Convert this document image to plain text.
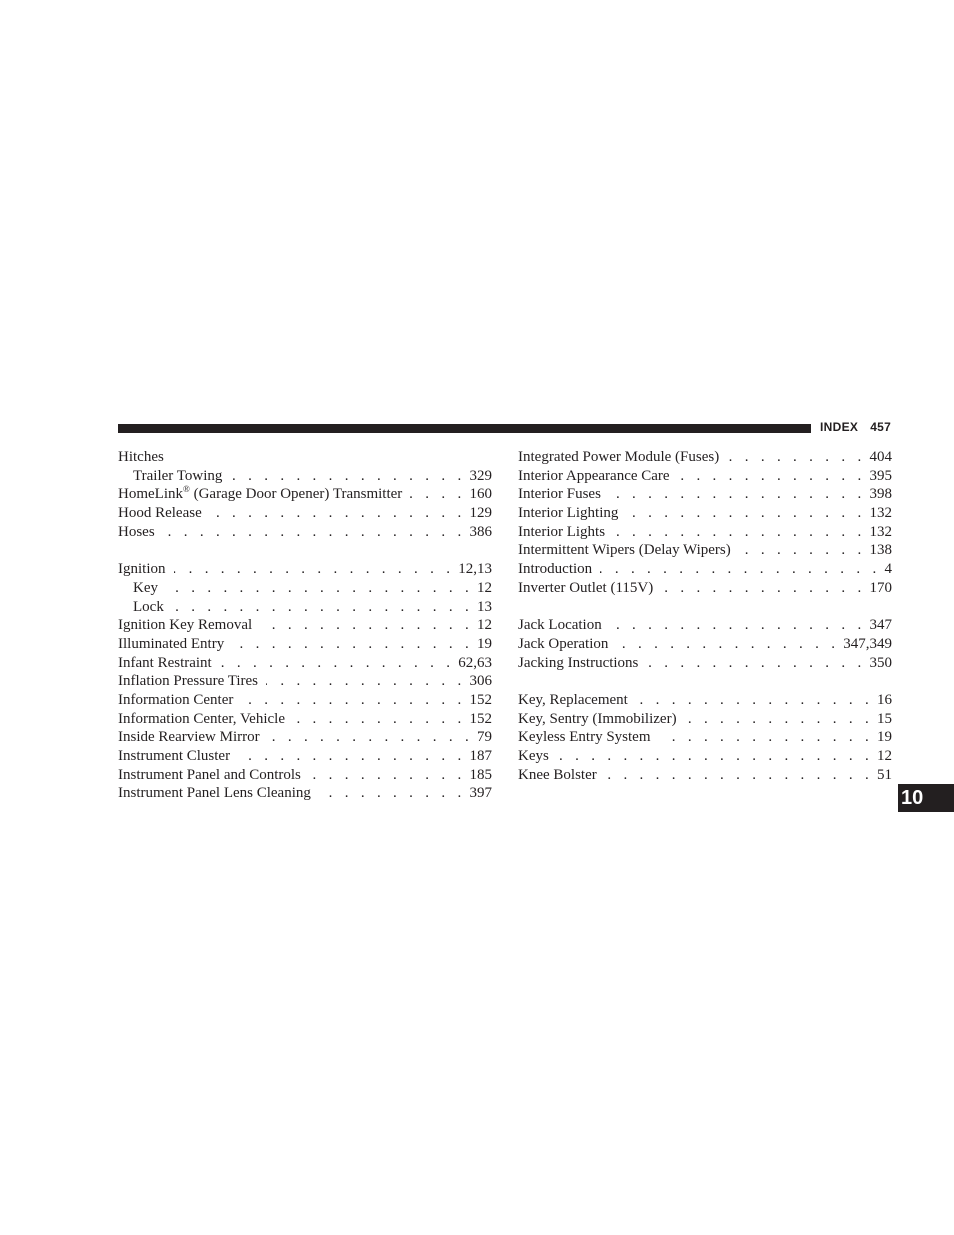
INDEX 457
Hitches
Trailer Towing . . .	329
HomeLink® (Garage Door Opener) Transmitter . . .	160
Hood Release . . .	129
Hoses . . .	386
Ignition . . .	12,13
Key . . .	12
Lock . . .	13
Ignition Key Removal . . .	12
Illuminated Entry . . .	19
Infant Restraint . . .	62,63
Inflation Pressure Tires . . .	306
Information Center . . .	152
Information Center, Vehicle . . .	152
Inside Rearview Mirror . . .	79
Instrument Cluster . . .	187
Instrument Panel and Controls . . .	185
Instrument Panel Lens Cleaning . . .	397
Integrated Power Module (Fuses) . . .	404
Interior Appearance Care . . .	395
Interior Fuses . . .	398
Interior Lighting . . .	132
Interior Lights . . .	132
Intermittent Wipers (Delay Wipers) . . .	138
Introduction . . .	4
Inverter Outlet (115V) . . .	170
Jack Location . . .	347
Jack Operation . . .	347,349
Jacking Instructions . . .	350
Key, Replacement . . .	16
Key, Sentry (Immobilizer) . . .	15
Keyless Entry System . . .	19
Keys . . .	12
Knee Bolster . . .	51
10
